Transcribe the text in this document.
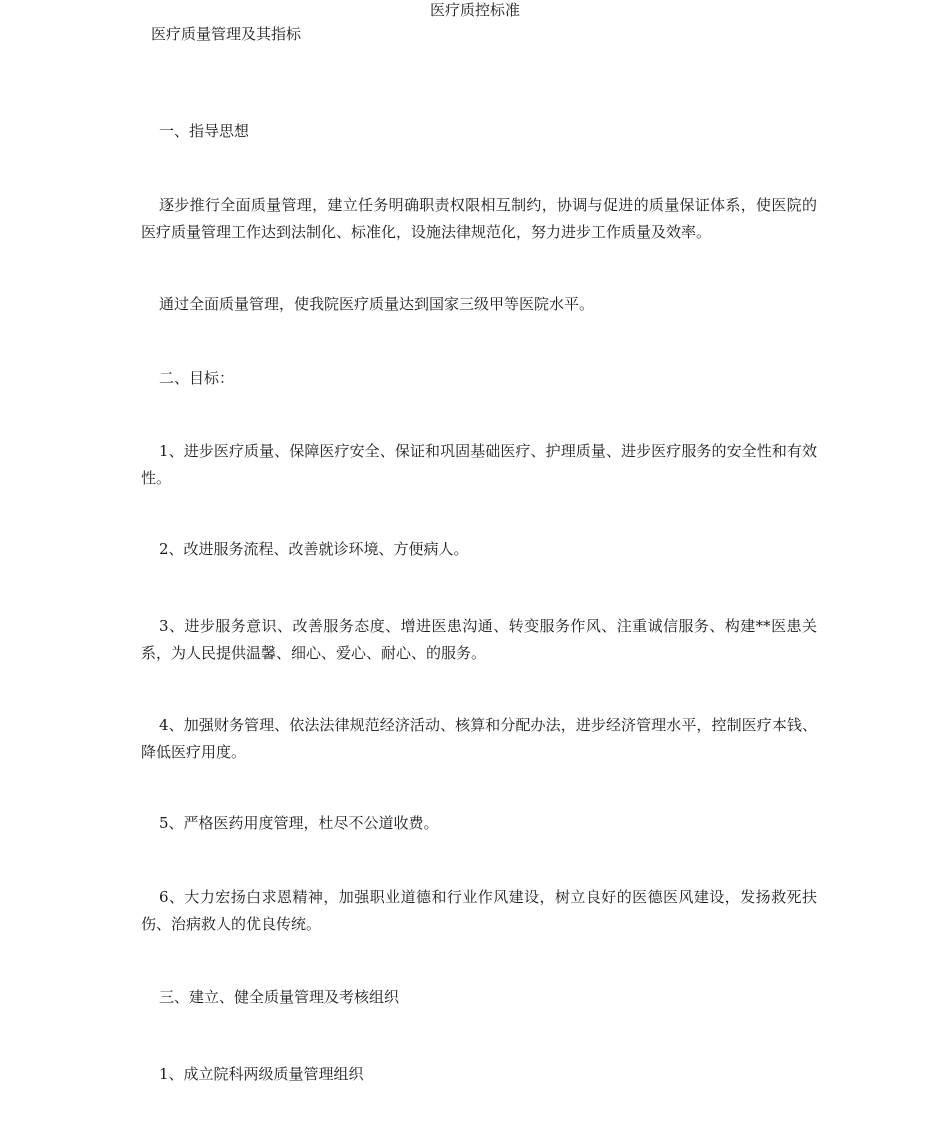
医疗质控标准
医疗质量管理及其指标

一、指导思想

逐步推行全面质量管理，建立任务明确职责权限相互制约，协调与促进的质量保证体系，使医院的医疗质量管理工作达到法制化、标准化，设施法律规范化，努力进步工作质量及效率。

通过全面质量管理，使我院医疗质量达到国家三级甲等医院水平。

二、目标：

1、进步医疗质量、保障医疗安全、保证和巩固基础医疗、护理质量、进步医疗服务的安全性和有效性。

2、改进服务流程、改善就诊环境、方便病人。

3、进步服务意识、改善服务态度、增进医患沟通、转变服务作风、注重诚信服务、构建**医患关系，为人民提供温馨、细心、爱心、耐心、的服务。

4、加强财务管理、依法法律规范经济活动、核算和分配办法，进步经济管理水平，控制医疗本钱、降低医疗用度。

5、严格医药用度管理，杜尽不公道收费。

6、大力宏扬白求恩精神，加强职业道德和行业作风建设，树立良好的医德医风建设，发扬救死扶伤、治病救人的优良传统。

三、建立、健全质量管理及考核组织

1、成立院科两级质量管理组织
